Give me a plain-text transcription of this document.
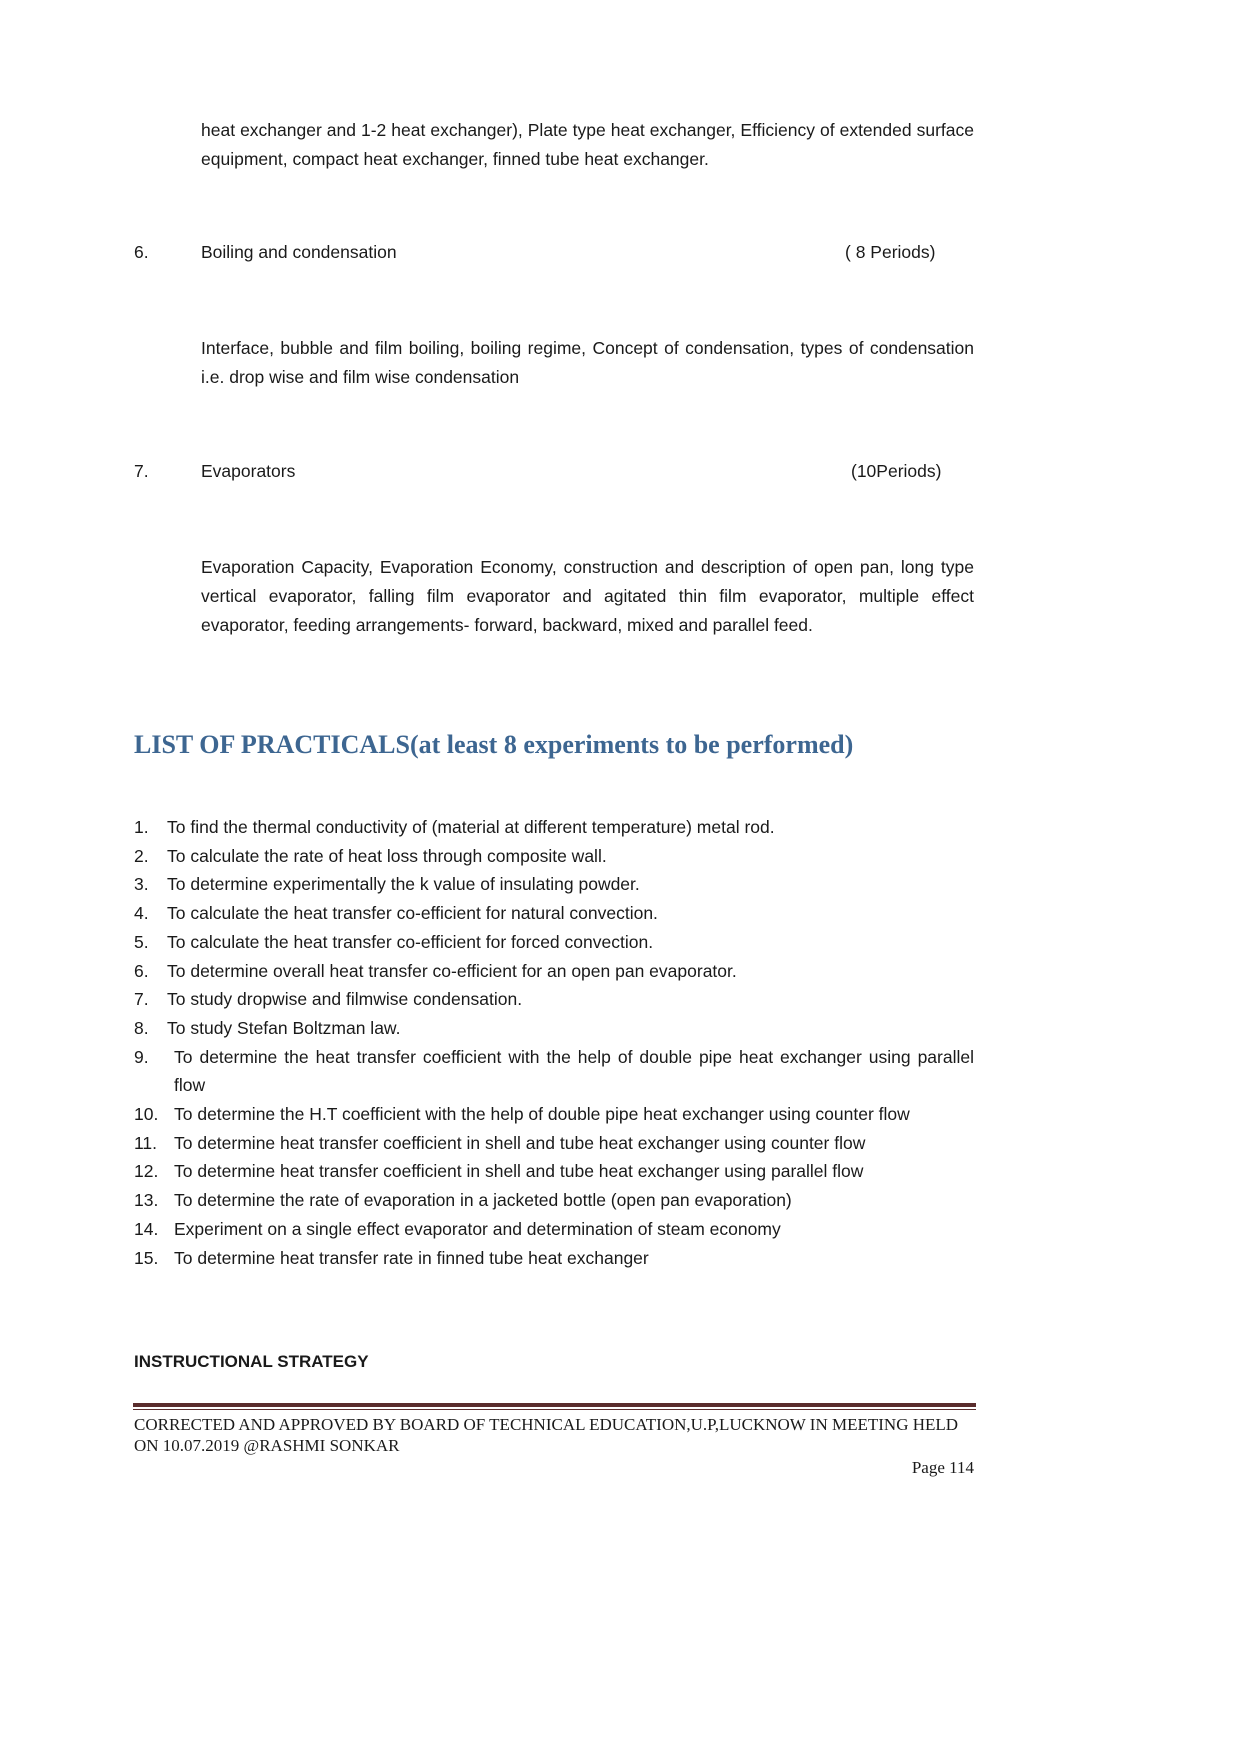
heat exchanger and 1-2 heat exchanger), Plate type heat exchanger, Efficiency of extended surface equipment, compact heat exchanger, finned tube heat exchanger.

6.	Boiling and condensation	( 8 Periods)

Interface, bubble and film boiling, boiling regime, Concept of condensation, types of condensation i.e. drop wise and film wise condensation

7.	Evaporators	(10Periods)

Evaporation Capacity, Evaporation Economy, construction and description of open pan, long type vertical evaporator, falling film evaporator and agitated thin film evaporator, multiple effect evaporator, feeding arrangements- forward, backward, mixed and parallel feed.

LIST OF PRACTICALS(at least 8 experiments to be performed)
1.	To find the thermal conductivity of (material at different temperature) metal rod.
2.	To calculate the rate of heat loss through composite wall.
3.	To determine experimentally the k value of insulating powder.
4.	To calculate the heat transfer co-efficient for natural convection.
5.	To calculate the heat transfer co-efficient for forced convection.
6.	To determine overall heat transfer co-efficient for an open pan evaporator.
7.	To study dropwise and filmwise condensation.
8.	To study Stefan Boltzman law.
9.	To determine the heat transfer coefficient with the help of double pipe heat exchanger using parallel flow
10. To determine the H.T coefficient with the help of double pipe heat exchanger using counter flow
11. To determine heat transfer coefficient in shell and tube heat exchanger using counter flow
12. To determine heat transfer coefficient in shell and tube heat exchanger using parallel flow
13. To determine the rate of evaporation in a jacketed bottle (open pan evaporation)
14. Experiment on a single effect evaporator and determination of steam economy
15. To determine heat transfer rate in finned tube heat exchanger
INSTRUCTIONAL STRATEGY
CORRECTED AND APPROVED BY BOARD OF TECHNICAL EDUCATION,U.P,LUCKNOW IN MEETING HELD
ON 10.07.2019 @RASHMI SONKAR
Page 114
